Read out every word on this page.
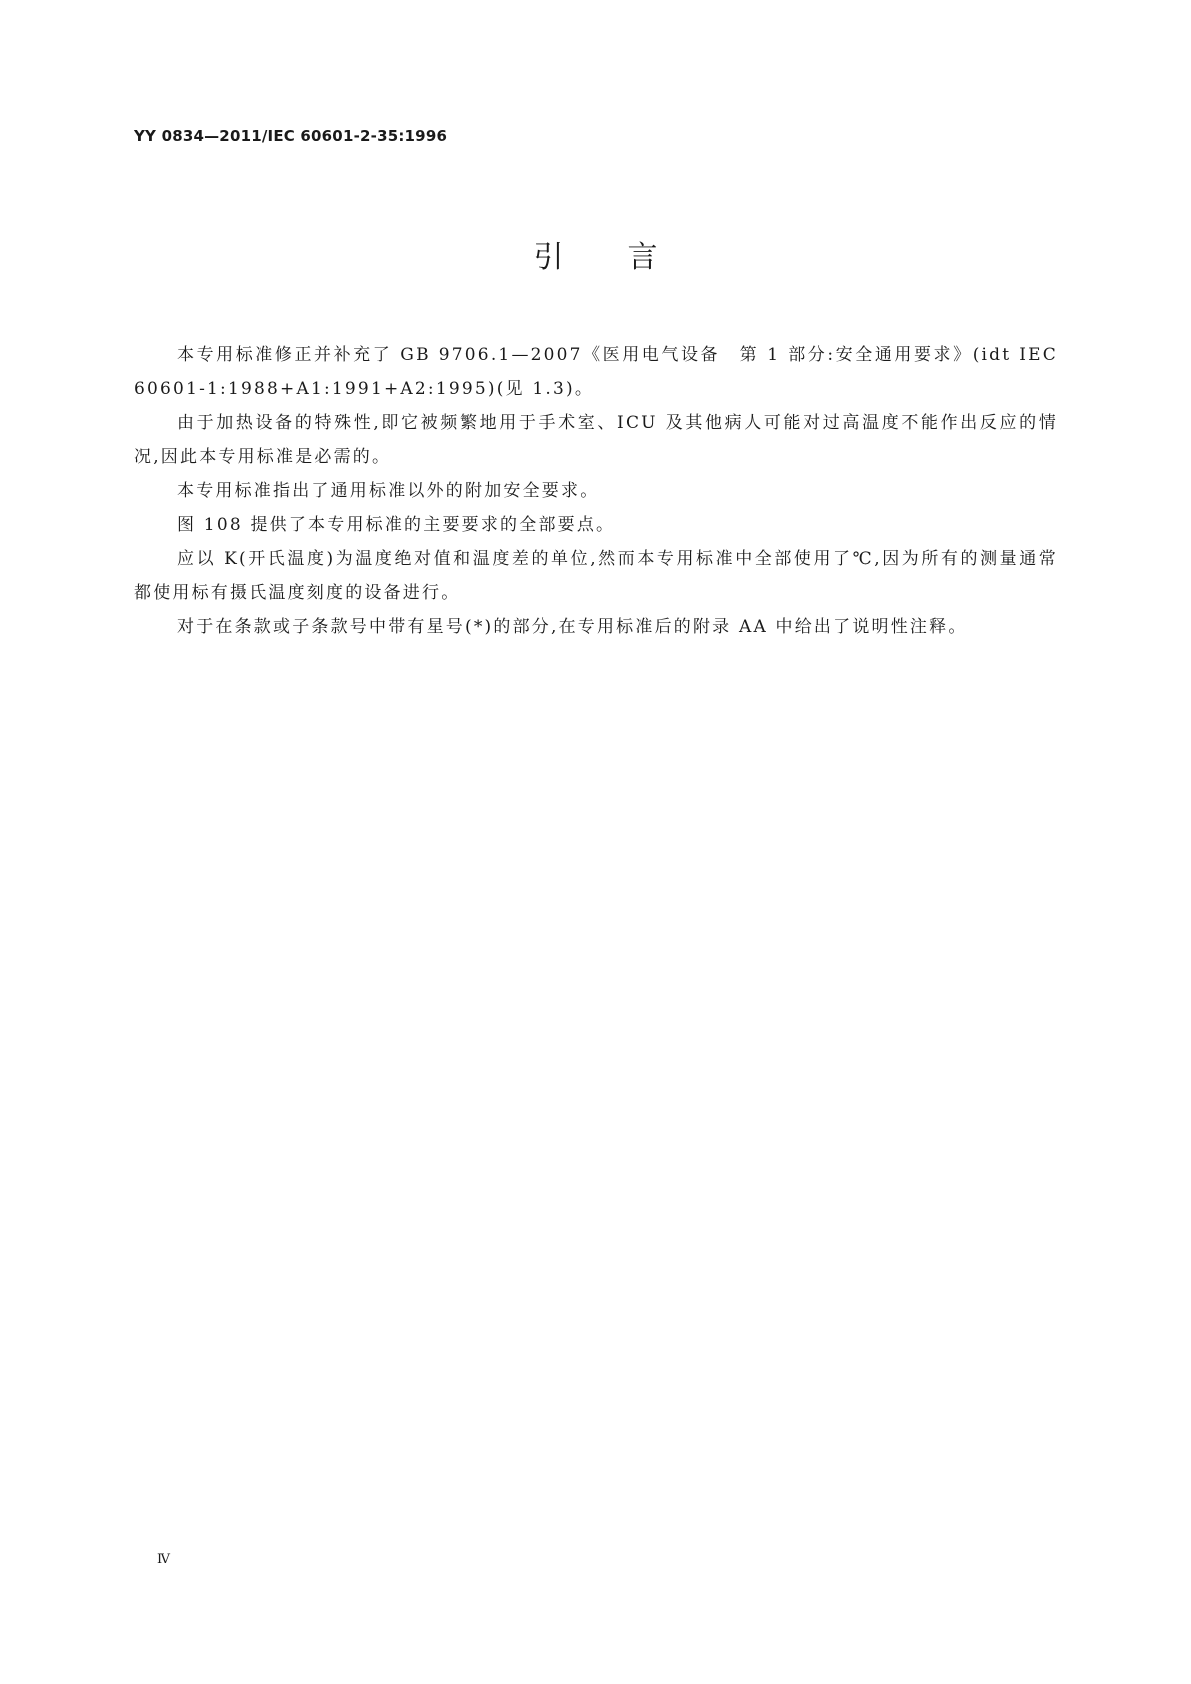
YY 0834—2011/IEC 60601-2-35:1996
引言

本专用标准修正并补充了 GB 9706.1—2007《医用电气设备　第 1 部分:安全通用要求》(idt IEC 60601-1:1988+A1:1991+A2:1995)(见 1.3)。

由于加热设备的特殊性,即它被频繁地用于手术室、ICU 及其他病人可能对过高温度不能作出反应的情况,因此本专用标准是必需的。

本专用标准指出了通用标准以外的附加安全要求。

图 108 提供了本专用标准的主要要求的全部要点。

应以 K(开氏温度)为温度绝对值和温度差的单位,然而本专用标准中全部使用了℃,因为所有的测量通常都使用标有摄氏温度刻度的设备进行。

对于在条款或子条款号中带有星号(*)的部分,在专用标准后的附录 AA 中给出了说明性注释。

Ⅳ
